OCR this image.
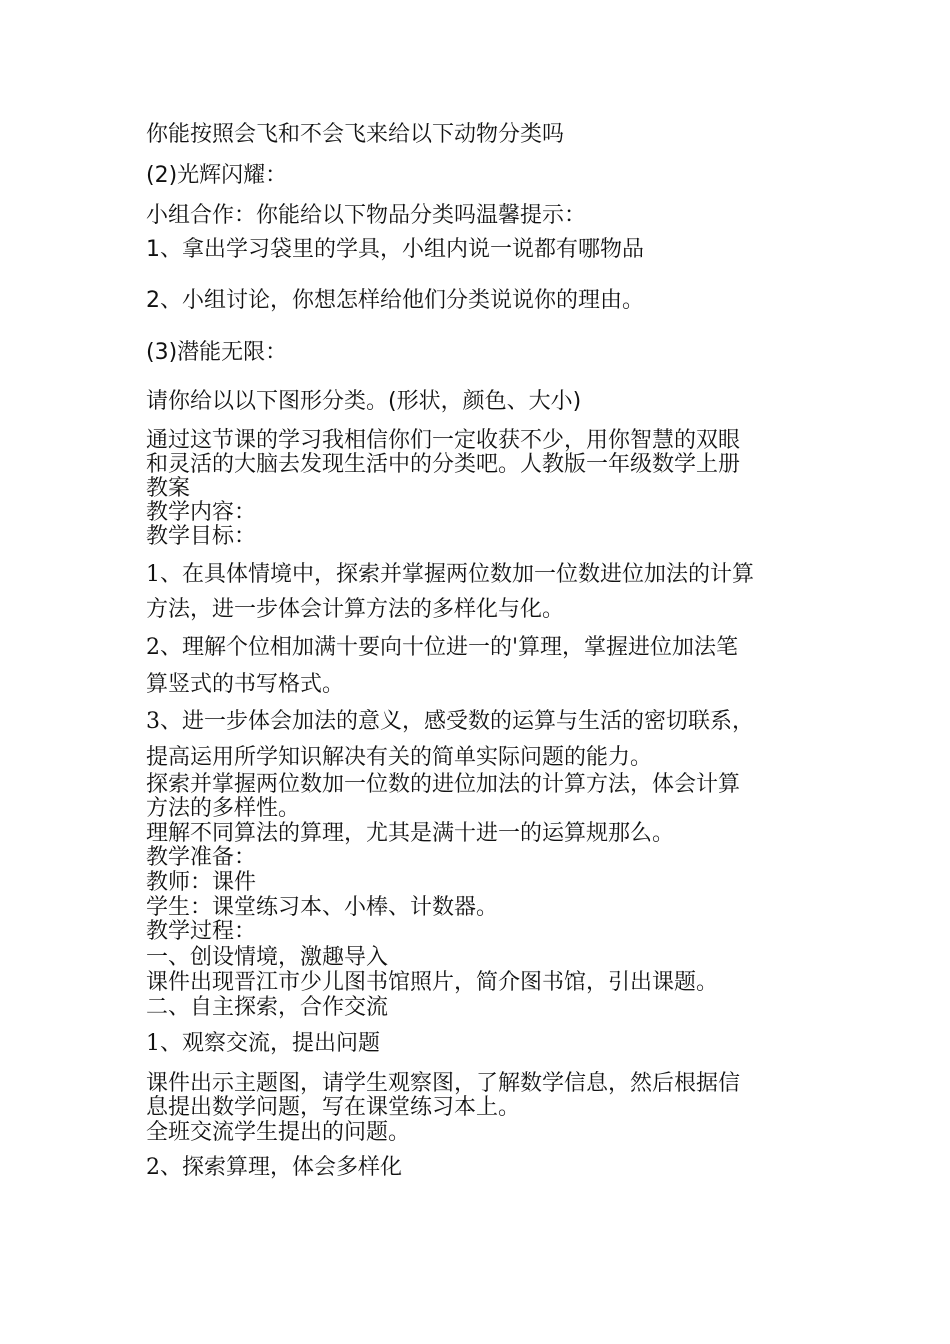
你能按照会飞和不会飞来给以下动物分类吗
(2)光辉闪耀：
小组合作：你能给以下物品分类吗温馨提示：
1、拿出学习袋里的学具，小组内说一说都有哪物品
2、小组讨论，你想怎样给他们分类说说你的理由。
(3)潜能无限：
请你给以以下图形分类。(形状，颜色、大小)
通过这节课的学习我相信你们一定收获不少，用你智慧的双眼
和灵活的大脑去发现生活中的分类吧。人教版一年级数学上册
教案
教学内容：
教学目标：
1、在具体情境中，探索并掌握两位数加一位数进位加法的计算
方法，进一步体会计算方法的多样化与化。
2、理解个位相加满十要向十位进一的'算理，掌握进位加法笔
算竖式的书写格式。
3、进一步体会加法的意义，感受数的运算与生活的密切联系，
提高运用所学知识解决有关的简单实际问题的能力。
探索并掌握两位数加一位数的进位加法的计算方法，体会计算
方法的多样性。
理解不同算法的算理，尤其是满十进一的运算规那么。
教学准备：
教师：课件
学生：课堂练习本、小棒、计数器。
教学过程：
一、创设情境，激趣导入
课件出现晋江市少儿图书馆照片，简介图书馆，引出课题。
二、自主探索，合作交流
1、观察交流，提出问题
课件出示主题图，请学生观察图，了解数学信息，然后根据信
息提出数学问题，写在课堂练习本上。
全班交流学生提出的问题。
2、探索算理，体会多样化
